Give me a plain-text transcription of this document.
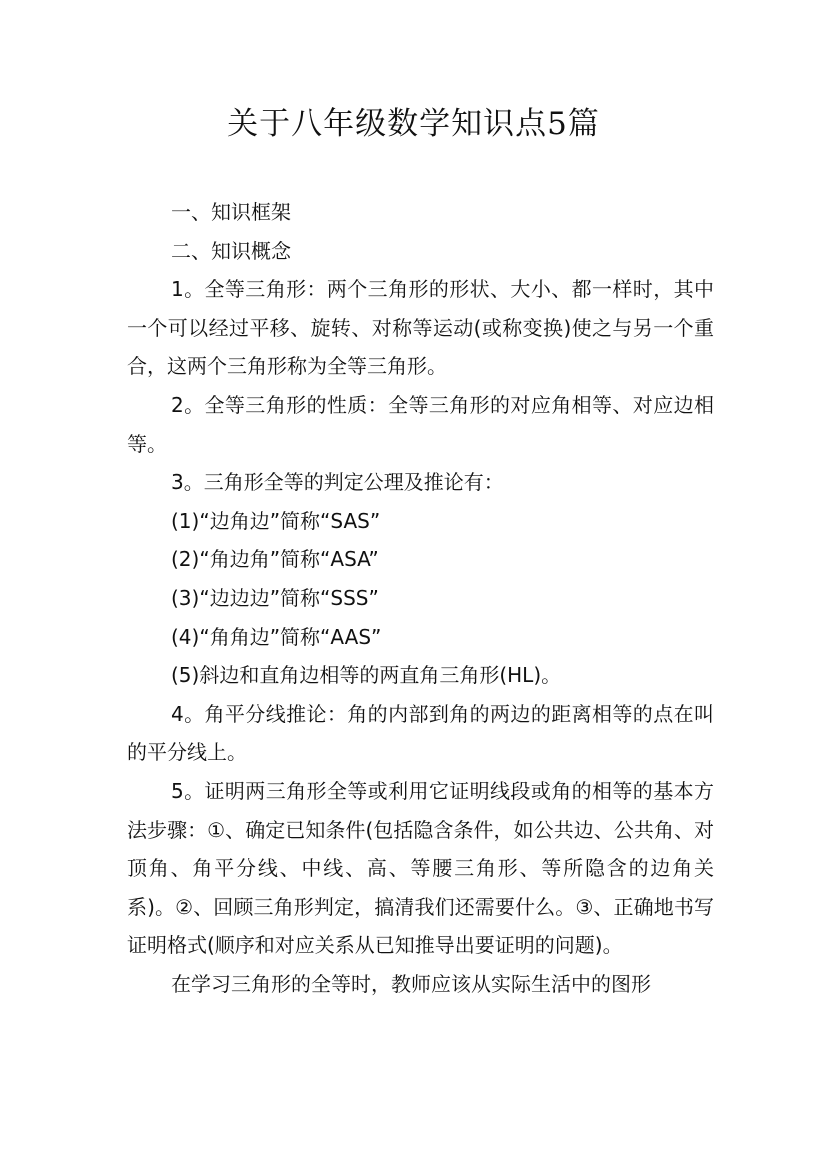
关于八年级数学知识点5篇

一、知识框架

二、知识概念

1。全等三角形：两个三角形的形状、大小、都一样时，其中一个可以经过平移、旋转、对称等运动(或称变换)使之与另一个重合，这两个三角形称为全等三角形。

2。全等三角形的性质：全等三角形的对应角相等、对应边相等。

3。三角形全等的判定公理及推论有：

(1)“边角边”简称“SAS”

(2)“角边角”简称“ASA”

(3)“边边边”简称“SSS”

(4)“角角边”简称“AAS”

(5)斜边和直角边相等的两直角三角形(HL)。

4。角平分线推论：角的内部到角的两边的距离相等的点在叫的平分线上。

5。证明两三角形全等或利用它证明线段或角的相等的基本方法步骤：①、确定已知条件(包括隐含条件，如公共边、公共角、对顶角、角平分线、中线、高、等腰三角形、等所隐含的边角关系)。②、回顾三角形判定，搞清我们还需要什么。③、正确地书写证明格式(顺序和对应关系从已知推导出要证明的问题)。

在学习三角形的全等时，教师应该从实际生活中的图形
